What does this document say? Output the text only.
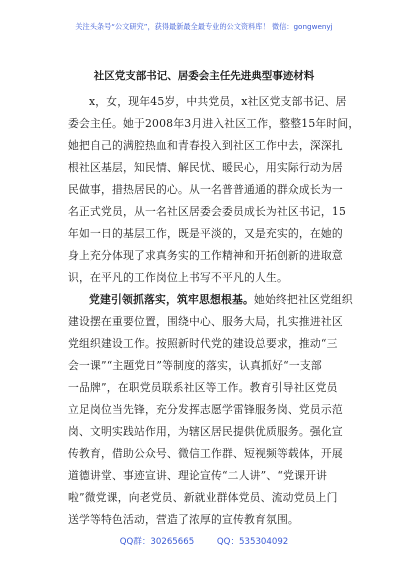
关注头条号“公文研究”，获得最新最全最专业的公文资料库！ 微信：gongwenyj
社区党支部书记、居委会主任先进典型事迹材料
x，女，现年45岁，中共党员，x社区党支部书记、居
委会主任。她于2008年3月进入社区工作，整整15年时间，
她把自己的满腔热血和青春投入到社区工作中去，深深扎
根社区基层，知民情、解民忧、暖民心，用实际行动为居
民做事，措热居民的心。从一名普普通通的群众成长为一
名正式党员，从一名社区居委会委员成长为社区书记，15
年如一日的基层工作，既是平淡的，又是充实的，在她的
身上充分体现了求真务实的工作精神和开拓创新的进取意
识，在平凡的工作岗位上书写不平凡的人生。
党建引领抓落实，筑牢思想根基。她始终把社区党组织
建设摆在重要位置，围绕中心、服务大局，扎实推进社区
党组织建设工作。按照新时代党的建设总要求，推动“三
会一课”“主题党日”等制度的落实，认真抓好“一支部
一品牌”，在职党员联系社区等工作。教育引导社区党员
立足岗位当先锋，充分发挥志愿学雷锋服务岗、党员示范
岗、文明实践站作用，为辖区居民提供优质服务。强化宣
传教育，借助公众号、微信工作群、短视频等载体，开展
道德讲堂、事迹宣讲、理论宣传“二人讲”、“党课开讲
啦”微党课，向老党员、新就业群体党员、流动党员上门
送学等特色活动，营造了浓厚的宣传教育氛围。
QQ群：30265665	QQ：535304092
